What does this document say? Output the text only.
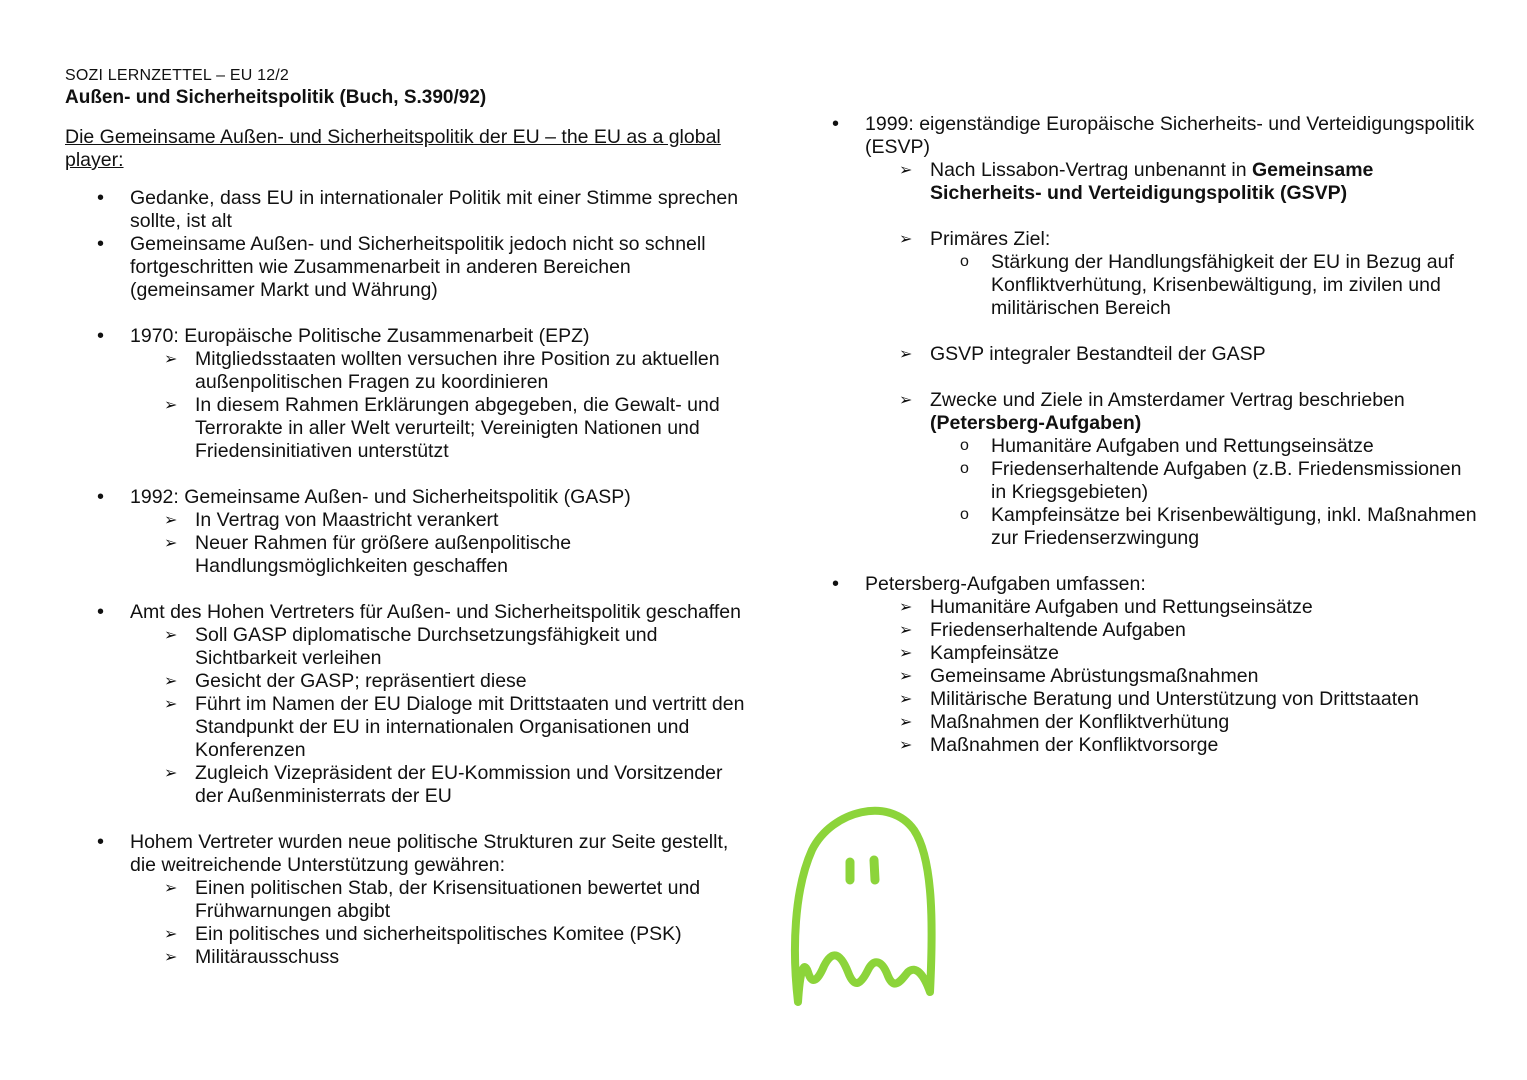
SOZI LERNZETTEL – EU 12/2
Außen- und Sicherheitspolitik (Buch, S.390/92)
Die Gemeinsame Außen- und Sicherheitspolitik der EU – the EU as a global player:
• Gedanke, dass EU in internationaler Politik mit einer Stimme sprechen sollte, ist alt
• Gemeinsame Außen- und Sicherheitspolitik jedoch nicht so schnell fortgeschritten wie Zusammenarbeit in anderen Bereichen (gemeinsamer Markt und Währung)
• 1970: Europäische Politische Zusammenarbeit (EPZ)
➢ Mitgliedsstaaten wollten versuchen ihre Position zu aktuellen außenpolitischen Fragen zu koordinieren
➢ In diesem Rahmen Erklärungen abgegeben, die Gewalt- und Terrorakte in aller Welt verurteilt; Vereinigten Nationen und Friedensinitiativen unterstützt
• 1992: Gemeinsame Außen- und Sicherheitspolitik (GASP)
➢ In Vertrag von Maastricht verankert
➢ Neuer Rahmen für größere außenpolitische Handlungsmöglichkeiten geschaffen
• Amt des Hohen Vertreters für Außen- und Sicherheitspolitik geschaffen
➢ Soll GASP diplomatische Durchsetzungsfähigkeit und Sichtbarkeit verleihen
➢ Gesicht der GASP; repräsentiert diese
➢ Führt im Namen der EU Dialoge mit Drittstaaten und vertritt den Standpunkt der EU in internationalen Organisationen und Konferenzen
➢ Zugleich Vizepräsident der EU-Kommission und Vorsitzender der Außenministerrats der EU
• Hohem Vertreter wurden neue politische Strukturen zur Seite gestellt, die weitreichende Unterstützung gewähren:
➢ Einen politischen Stab, der Krisensituationen bewertet und Frühwarnungen abgibt
➢ Ein politisches und sicherheitspolitisches Komitee (PSK)
➢ Militärausschuss
• 1999: eigenständige Europäische Sicherheits- und Verteidigungspolitik (ESVP)
➢ Nach Lissabon-Vertrag unbenannt in Gemeinsame Sicherheits- und Verteidigungspolitik (GSVP)
➢ Primäres Ziel:
o Stärkung der Handlungsfähigkeit der EU in Bezug auf Konfliktverhütung, Krisenbewältigung, im zivilen und militärischen Bereich
➢ GSVP integraler Bestandteil der GASP
➢ Zwecke und Ziele in Amsterdamer Vertrag beschrieben (Petersberg-Aufgaben)
o Humanitäre Aufgaben und Rettungseinsätze
o Friedenserhaltende Aufgaben (z.B. Friedensmissionen in Kriegsgebieten)
o Kampfeinsätze bei Krisenbewältigung, inkl. Maßnahmen zur Friedenserzwingung
• Petersberg-Aufgaben umfassen:
➢ Humanitäre Aufgaben und Rettungseinsätze
➢ Friedenserhaltende Aufgaben
➢ Kampfeinsätze
➢ Gemeinsame Abrüstungsmaßnahmen
➢ Militärische Beratung und Unterstützung von Drittstaaten
➢ Maßnahmen der Konfliktverhütung
➢ Maßnahmen der Konfliktvorsorge
